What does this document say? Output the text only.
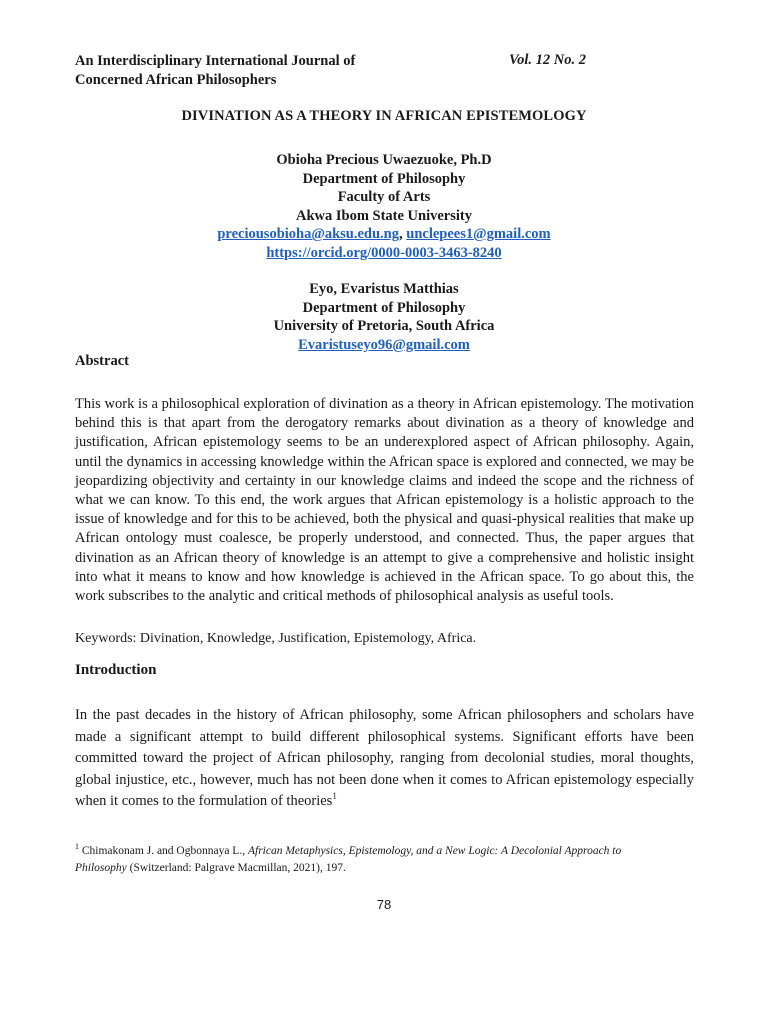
An Interdisciplinary International Journal of
Concerned African Philosophers
Vol. 12 No. 2
DIVINATION AS A THEORY IN AFRICAN EPISTEMOLOGY
Obioha Precious Uwaezuoke, Ph.D
Department of Philosophy
Faculty of Arts
Akwa Ibom State University
preciousobioha@aksu.edu.ng, unclepees1@gmail.com
https://orcid.org/0000-0003-3463-8240
Eyo, Evaristus Matthias
Department of Philosophy
University of Pretoria, South Africa
Evaristuseyo96@gmail.com
Abstract
This work is a philosophical exploration of divination as a theory in African epistemology. The motivation behind this is that apart from the derogatory remarks about divination as a theory of knowledge and justification, African epistemology seems to be an underexplored aspect of African philosophy. Again, until the dynamics in accessing knowledge within the African space is explored and connected, we may be jeopardizing objectivity and certainty in our knowledge claims and indeed the scope and the richness of what we can know. To this end, the work argues that African epistemology is a holistic approach to the issue of knowledge and for this to be achieved, both the physical and quasi-physical realities that make up African ontology must coalesce, be properly understood, and connected. Thus, the paper argues that divination as an African theory of knowledge is an attempt to give a comprehensive and holistic insight into what it means to know and how knowledge is achieved in the African space. To go about this, the work subscribes to the analytic and critical methods of philosophical analysis as useful tools.
Keywords: Divination, Knowledge, Justification, Epistemology, Africa.
Introduction
In the past decades in the history of African philosophy, some African philosophers and scholars have made a significant attempt to build different philosophical systems. Significant efforts have been committed toward the project of African philosophy, ranging from decolonial studies, moral thoughts, global injustice, etc., however, much has not been done when it comes to African epistemology especially when it comes to the formulation of theories$^1$
$^1$ Chimakonam J. and Ogbonnaya L., African Metaphysics, Epistemology, and a New Logic: A Decolonial Approach to Philosophy (Switzerland: Palgrave Macmillan, 2021), 197.
78
